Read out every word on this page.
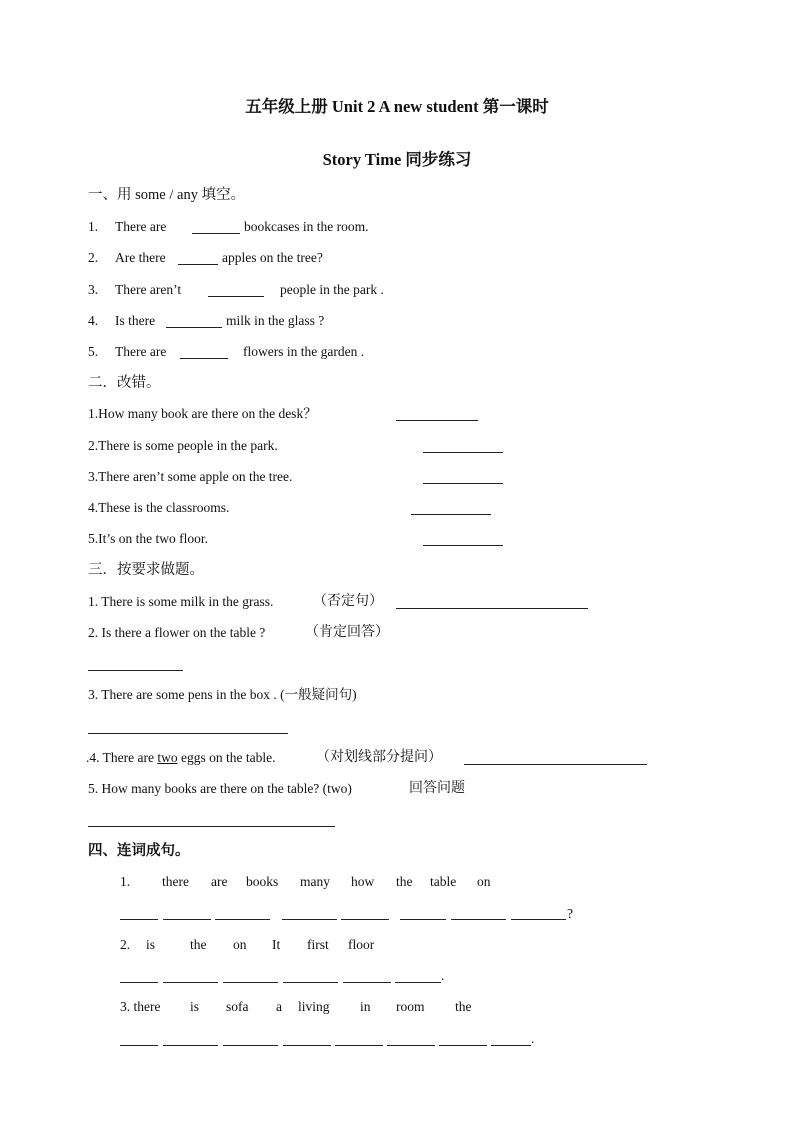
五年级上册 Unit 2 A new student 第一课时
Story Time 同步练习
一、用 some / any 填空。
1. There are	bookcases in the room.
2. Are there	apples on the tree?
3. There aren’t	people in the park .
4. Is there	milk in the glass ?
5. There are	flowers in the garden .
二．改错。
1.How many book are there on the desk？
2.There is some people in the park.
3.There aren’t some apple on the tree.
4.These is the classrooms.
5.It’s on the two floor.
三．按要求做题。
1. There is some milk in the grass.	（否定句）
2. Is there a flower on the table ?	（肯定回答）
3. There are some pens in the box . (一般疑问句)
.4. There are two eggs on the table.	（对划线部分提问）
5. How many books are there on the table? (two)	回答问题
四、连词成句。
1. there are books many how the table on
?
2. is	the on It first floor
.
3. there is sofa a living in room the
.
